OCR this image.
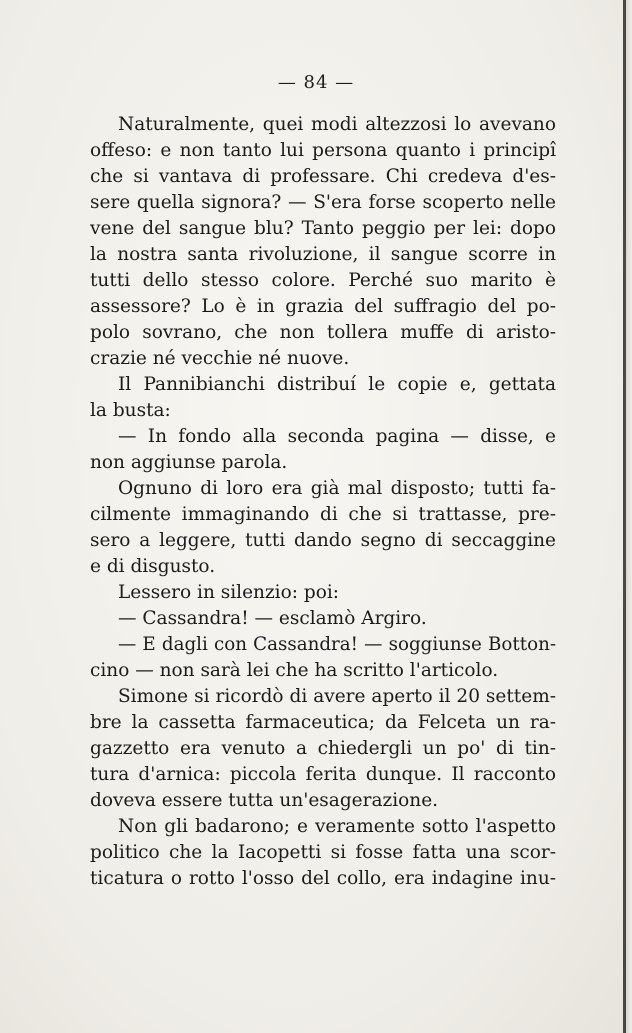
— 84 —
Naturalmente, quei modi altezzosi lo avevano
offeso: e non tanto lui persona quanto i principî
che si vantava di professare. Chi credeva d'es-
sere quella signora? — S'era forse scoperto nelle
vene del sangue blu? Tanto peggio per lei: dopo
la nostra santa rivoluzione, il sangue scorre in
tutti dello stesso colore. Perché suo marito è
assessore? Lo è in grazia del suffragio del po-
polo sovrano, che non tollera muffe di aristo-
crazie né vecchie né nuove.
Il Pannibianchi distribuí le copie e, gettata
la busta:
— In fondo alla seconda pagina — disse, e
non aggiunse parola.
Ognuno di loro era già mal disposto; tutti fa-
cilmente immaginando di che si trattasse, pre-
sero a leggere, tutti dando segno di seccaggine
e di disgusto.
Lessero in silenzio: poi:
— Cassandra! — esclamò Argiro.
— E dagli con Cassandra! — soggiunse Botton-
cino — non sarà lei che ha scritto l'articolo.
Simone si ricordò di avere aperto il 20 settem-
bre la cassetta farmaceutica; da Felceta un ra-
gazzetto era venuto a chiedergli un po' di tin-
tura d'arnica: piccola ferita dunque. Il racconto
doveva essere tutta un'esagerazione.
Non gli badarono; e veramente sotto l'aspetto
politico che la Iacopetti si fosse fatta una scor-
ticatura o rotto l'osso del collo, era indagine inu-
